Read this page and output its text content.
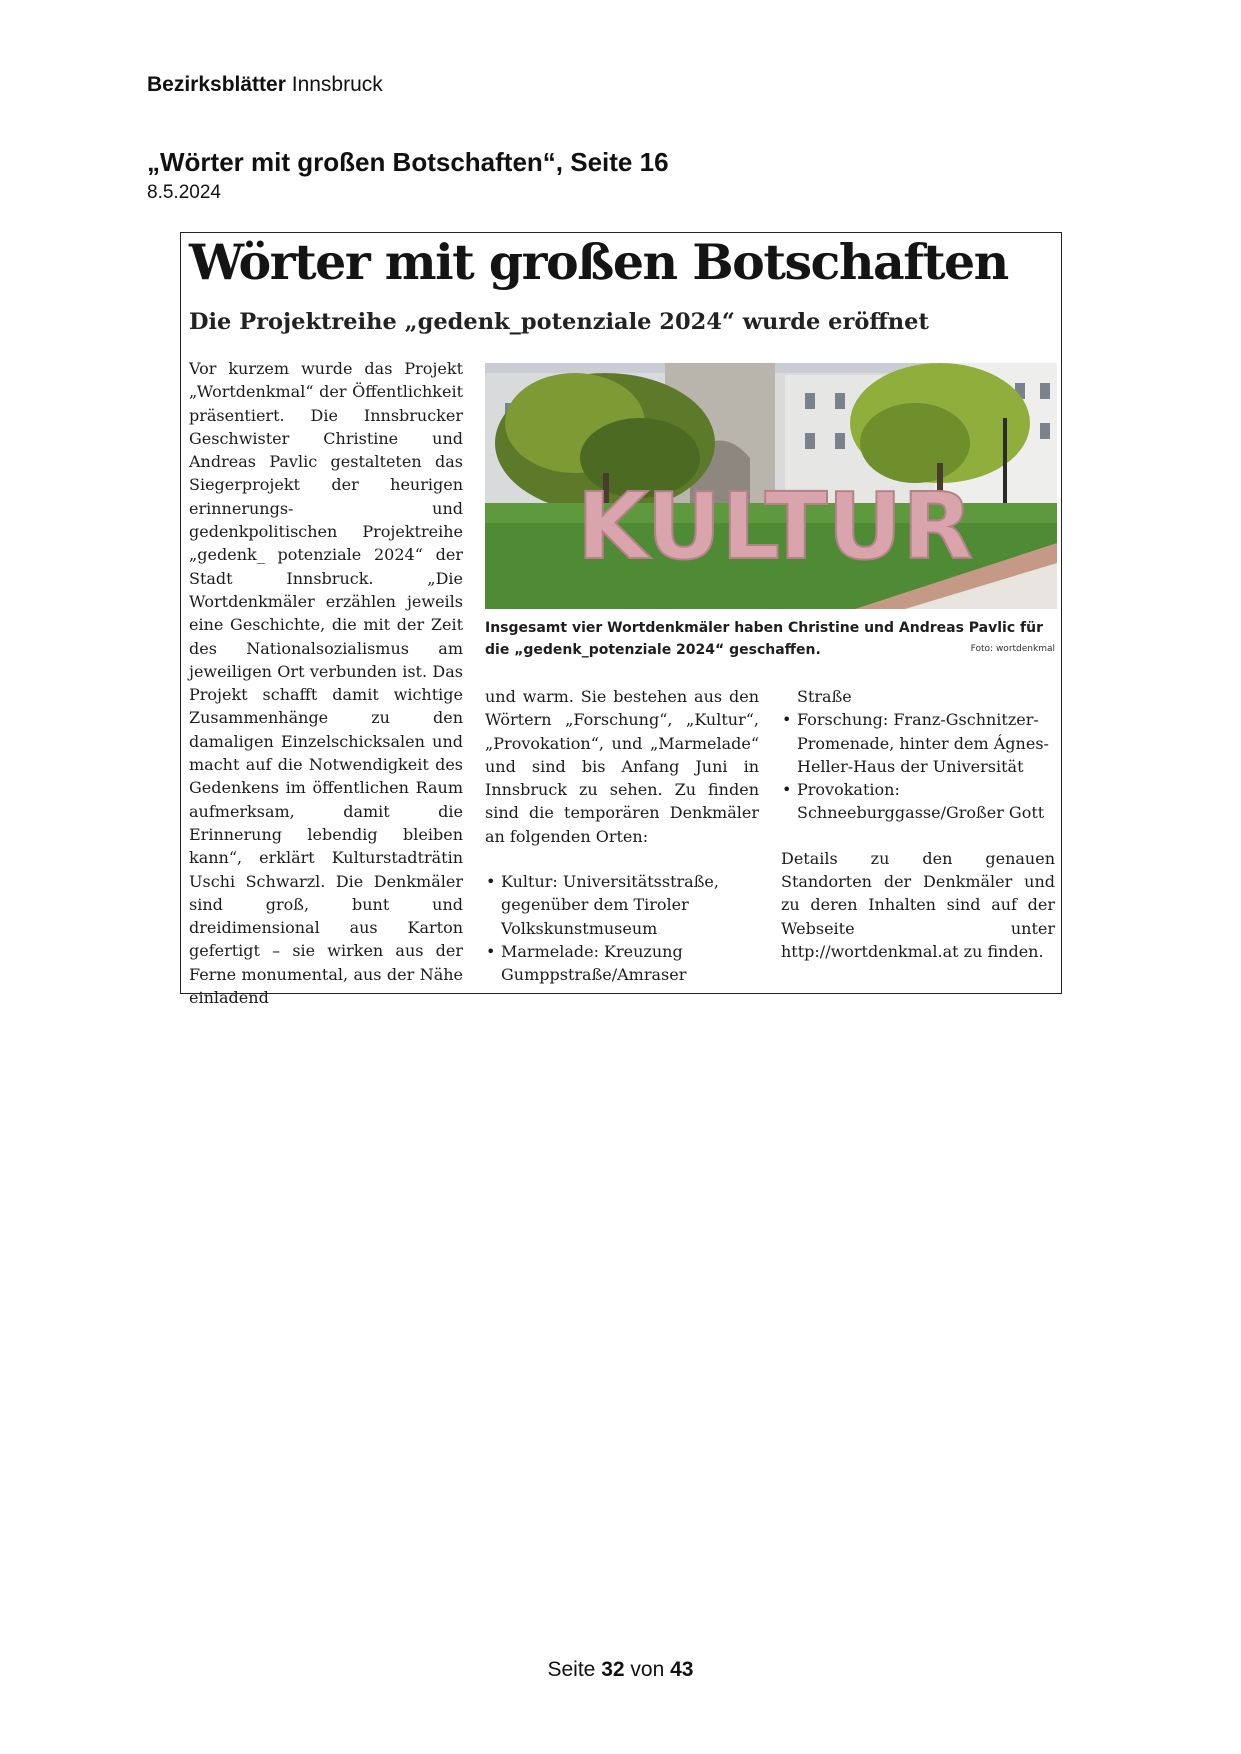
Bezirksblätter Innsbruck
„Wörter mit großen Botschaften“, Seite 16
8.5.2024
Wörter mit großen Botschaften
Die Projektreihe „gedenk_potenziale 2024“ wurde eröffnet

Vor kurzem wurde das Projekt „Wortdenkmal“ der Öffentlichkeit präsentiert. Die Innsbrucker Geschwister Christine und Andreas Pavlic gestalteten das Siegerprojekt der heurigen erinnerungs- und gedenkpolitischen Projektreihe „gedenk_ potenziale 2024“ der Stadt Innsbruck. „Die Wortdenkmäler erzählen jeweils eine Geschichte, die mit der Zeit des Nationalsozialismus am jeweiligen Ort verbunden ist. Das Projekt schafft damit wichtige Zusammenhänge zu den damaligen Einzelschicksalen und macht auf die Notwendigkeit des Gedenkens im öffentlichen Raum aufmerksam, damit die Erinnerung lebendig bleiben kann“, erklärt Kulturstadträtin Uschi Schwarzl. Die Denkmäler sind groß, bunt und dreidimensional aus Karton gefertigt – sie wirken aus der Ferne monumental, aus der Nähe einladend

KULTUR
Insgesamt vier Wortdenkmäler haben Christine und Andreas Pavlic für die „gedenk_potenziale 2024“ geschaffen.	Foto: wortdenkmal

und warm. Sie bestehen aus den Wörtern „Forschung“, „Kultur“, „Provokation“, und „Marmelade“ und sind bis Anfang Juni in Innsbruck zu sehen. Zu finden sind die temporären Denkmäler an folgenden Orten:

• Kultur: Universitätsstraße, gegenüber dem Tiroler Volkskunstmuseum
• Marmelade: Kreuzung Gumppstraße/Amraser
Straße
• Forschung: Franz-Gschnitzer-Promenade, hinter dem Ágnes-Heller-Haus der Universität
• Provokation: Schneeburggasse/Großer Gott

Details zu den genauen Standorten der Denkmäler und zu deren Inhalten sind auf der Webseite unter http://wortdenkmal.at zu finden.

Seite 32 von 43
